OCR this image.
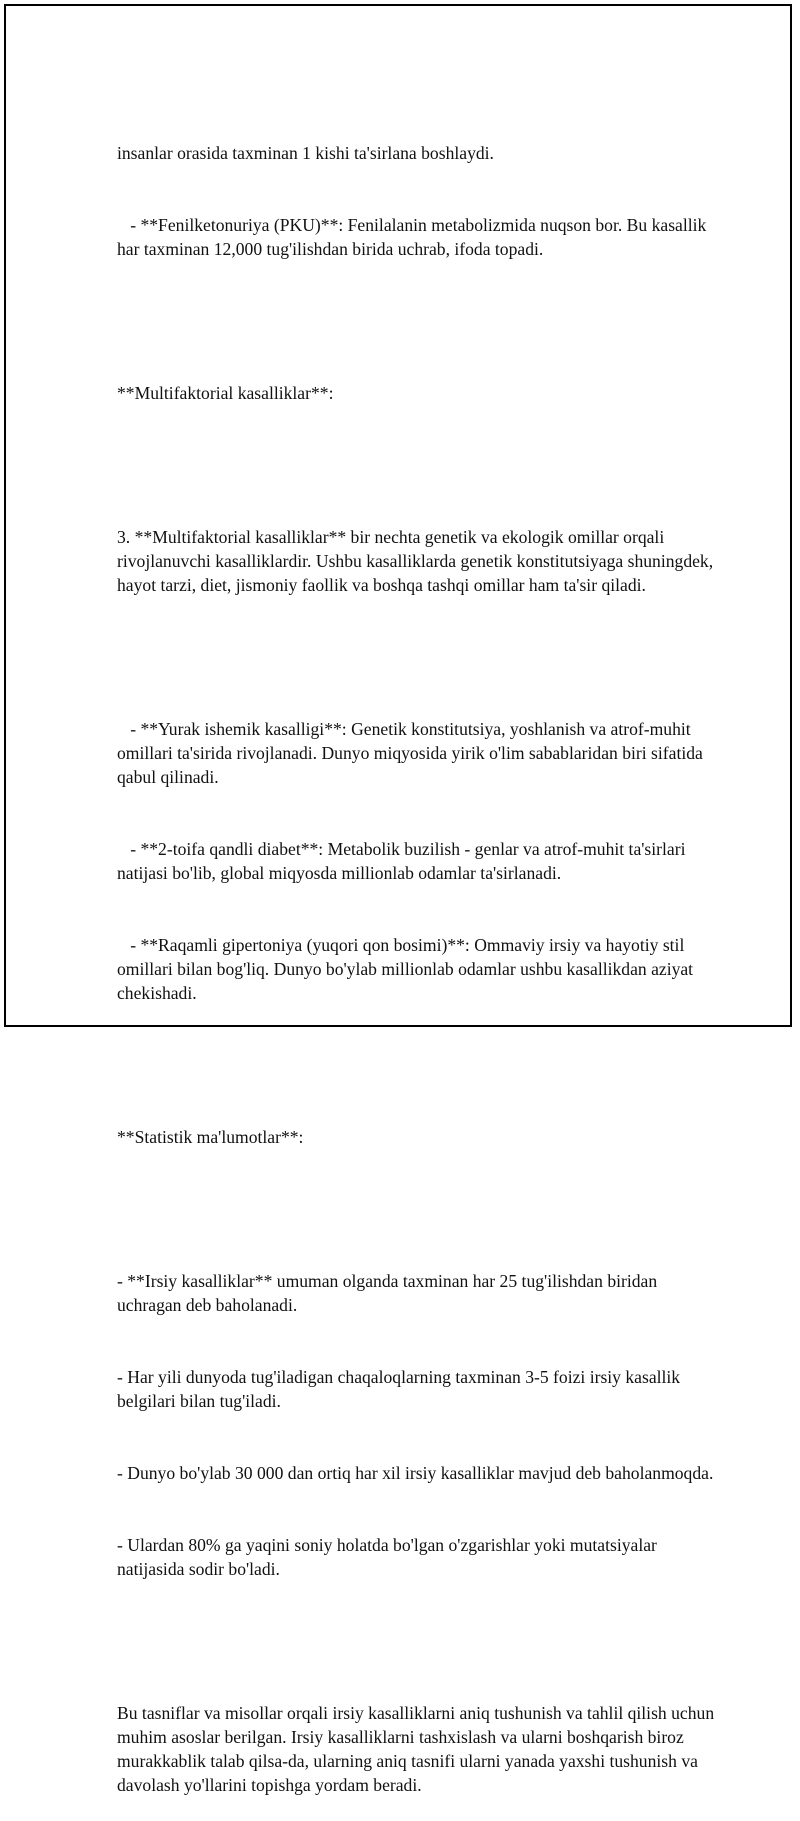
insanlar orasida taxminan 1 kishi ta'sirlana boshlaydi.

- **Fenilketonuriya (PKU)**: Fenilalanin metabolizmida nuqson bor. Bu kasallik har taxminan 12,000 tug'ilishdan birida uchrab, ifoda topadi.

**Multifaktorial kasalliklar**:

3. **Multifaktorial kasalliklar** bir nechta genetik va ekologik omillar orqali rivojlanuvchi kasalliklardir. Ushbu kasalliklarda genetik konstitutsiyaga shuningdek, hayot tarzi, diet, jismoniy faollik va boshqa tashqi omillar ham ta'sir qiladi.

- **Yurak ishemik kasalligi**: Genetik konstitutsiya, yoshlanish va atrof-muhit omillari ta'sirida rivojlanadi. Dunyo miqyosida yirik o'lim sabablaridan biri sifatida qabul qilinadi.

- **2-toifa qandli diabet**: Metabolik buzilish - genlar va atrof-muhit ta'sirlari natijasi bo'lib, global miqyosda millionlab odamlar ta'sirlanadi.

- **Raqamli gipertoniya (yuqori qon bosimi)**: Ommaviy irsiy va hayotiy stil omillari bilan bog'liq. Dunyo bo'ylab millionlab odamlar ushbu kasallikdan aziyat chekishadi.

**Statistik ma'lumotlar**:

- **Irsiy kasalliklar** umuman olganda taxminan har 25 tug'ilishdan biridan uchragan deb baholanadi.

- Har yili dunyoda tug'iladigan chaqaloqlarning taxminan 3-5 foizi irsiy kasallik belgilari bilan tug'iladi.

- Dunyo bo'ylab 30 000 dan ortiq har xil irsiy kasalliklar mavjud deb baholanmoqda.

- Ulardan 80% ga yaqini soniy holatda bo'lgan o'zgarishlar yoki mutatsiyalar natijasida sodir bo'ladi.

Bu tasniflar va misollar orqali irsiy kasalliklarni aniq tushunish va tahlil qilish uchun muhim asoslar berilgan. Irsiy kasalliklarni tashxislash va ularni boshqarish biroz murakkablik talab qilsa-da, ularning aniq tasnifi ularni yanada yaxshi tushunish va davolash yo'llarini topishga yordam beradi.
